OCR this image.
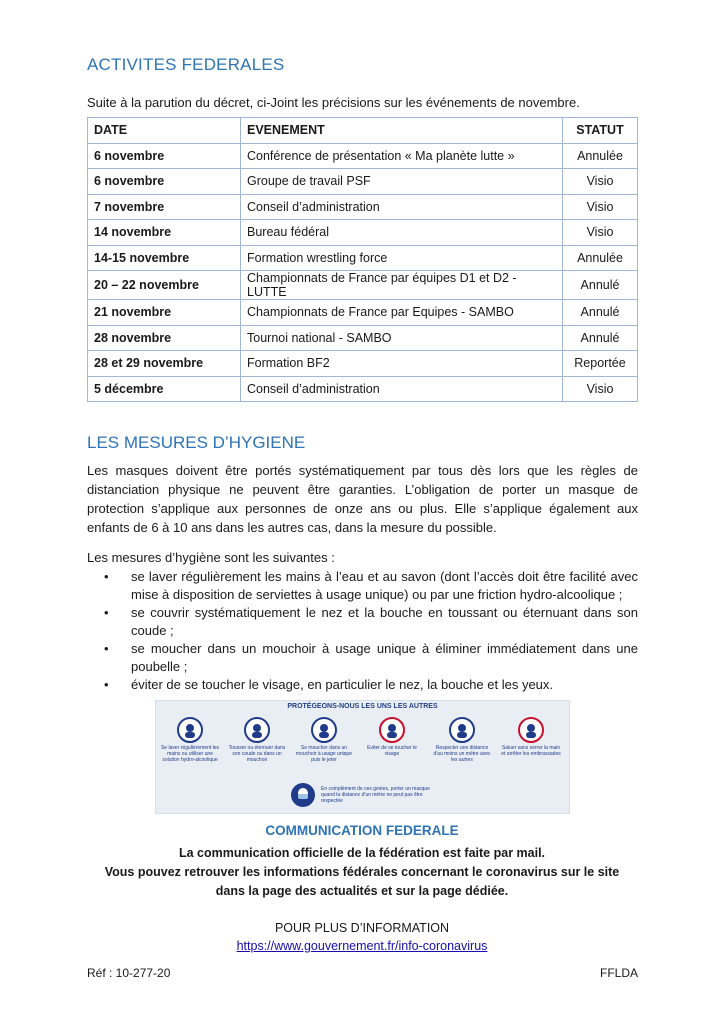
ACTIVITES FEDERALES
Suite à la parution du décret, ci-Joint les précisions sur les événements de novembre.
DATE	EVENEMENT	STATUT
6 novembre	Conférence de présentation « Ma planète lutte »	Annulée
6 novembre	Groupe de travail PSF	Visio
7 novembre	Conseil d’administration	Visio
14 novembre	Bureau fédéral	Visio
14-15 novembre	Formation wrestling force	Annulée
20 – 22 novembre	Championnats de France par équipes D1 et D2 - LUTTE	Annulé
21 novembre	Championnats de France par Equipes - SAMBO	Annulé
28 novembre	Tournoi national - SAMBO	Annulé
28 et 29 novembre	Formation BF2	Reportée
5 décembre	Conseil d’administration	Visio
LES MESURES D’HYGIENE
Les masques doivent être portés systématiquement par tous dès lors que les règles de distanciation physique ne peuvent être garanties. L’obligation de porter un masque de protection s’applique aux personnes de onze ans ou plus. Elle s’applique également aux enfants de 6 à 10 ans dans les autres cas, dans la mesure du possible.
Les mesures d’hygiène sont les suivantes :
• se laver régulièrement les mains à l’eau et au savon (dont l’accès doit être facilité avec mise à disposition de serviettes à usage unique) ou par une friction hydro-alcoolique ;
• se couvrir systématiquement le nez et la bouche en toussant ou éternuant dans son coude ;
• se moucher dans un mouchoir à usage unique à éliminer immédiatement dans une poubelle ;
• éviter de se toucher le visage, en particulier le nez, la bouche et les yeux.
PROTÉGEONS-NOUS LES UNS LES AUTRES
Se laver régulièrement les mains ou utiliser une solution hydro-alcoolique
Tousser ou éternuer dans son coude ou dans un mouchoir
Se moucher dans un mouchoir à usage unique puis le jeter
Eviter de se toucher le visage
Respecter une distance d'au moins un mètre avec les autres
Saluer sans serrer la main et arrêter les embrassades
En complément de ces gestes, porter un masque quand la distance d'un mètre ne peut pas être respectée
COMMUNICATION FEDERALE
La communication officielle de la fédération est faite par mail.
Vous pouvez retrouver les informations fédérales concernant le coronavirus sur le site
dans la page des actualités et sur la page dédiée.
POUR PLUS D’INFORMATION
https://www.gouvernement.fr/info-coronavirus
Réf : 10-277-20	FFLDA
